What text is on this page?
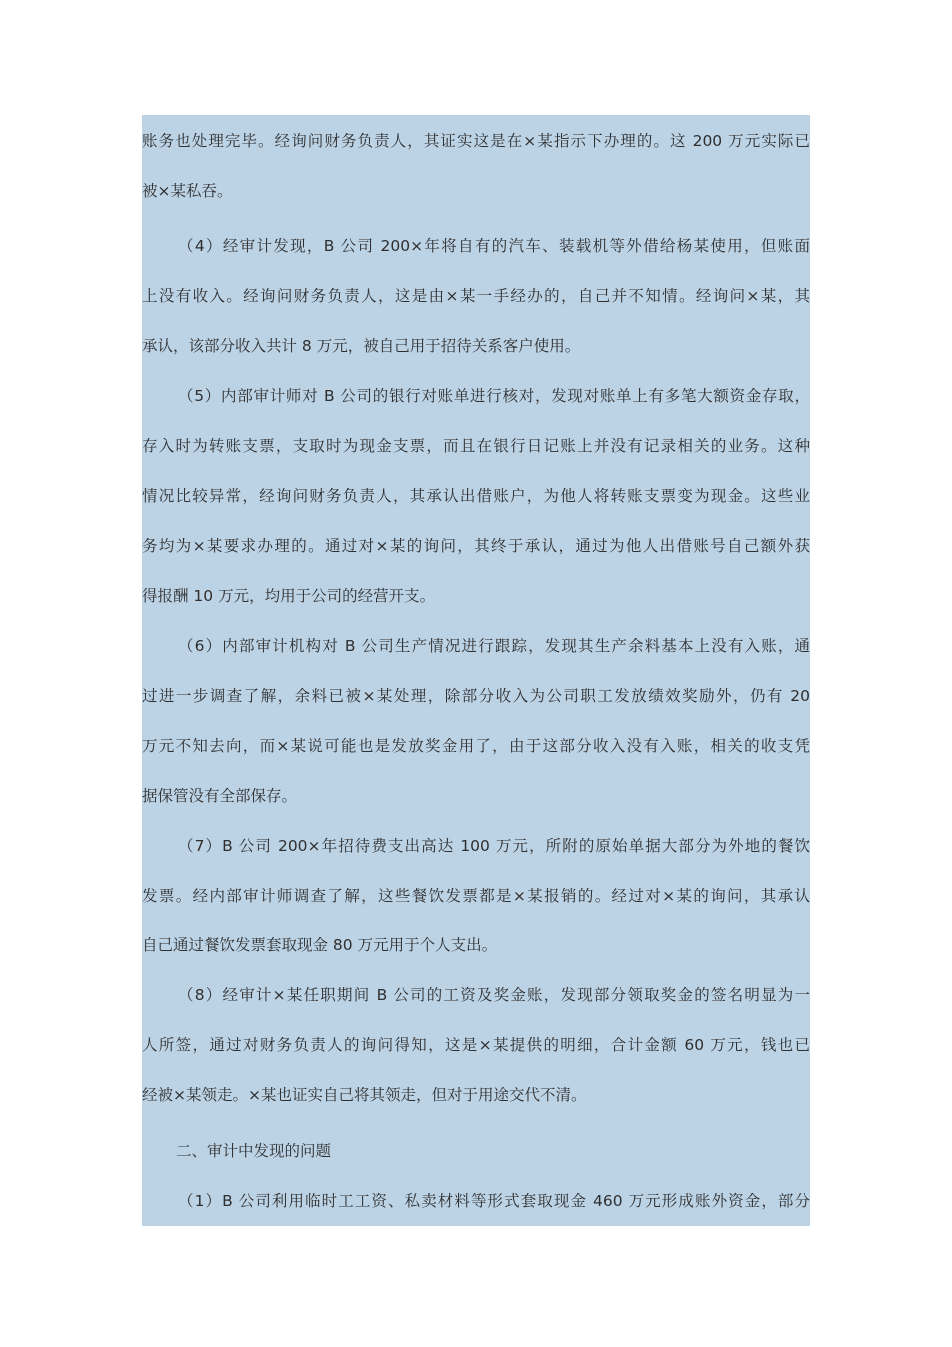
账务也处理完毕。经询问财务负责人，其证实这是在×某指示下办理的。这 200 万元实际已
被×某私吞。
（4）经审计发现，B 公司 200×年将自有的汽车、装载机等外借给杨某使用，但账面
上没有收入。经询问财务负责人，这是由×某一手经办的，自己并不知情。经询问×某，其
承认，该部分收入共计 8 万元，被自己用于招待关系客户使用。
（5）内部审计师对 B 公司的银行对账单进行核对，发现对账单上有多笔大额资金存取，
存入时为转账支票，支取时为现金支票，而且在银行日记账上并没有记录相关的业务。这种
情况比较异常，经询问财务负责人，其承认出借账户，为他人将转账支票变为现金。这些业
务均为×某要求办理的。通过对×某的询问，其终于承认，通过为他人出借账号自己额外获
得报酬 10 万元，均用于公司的经营开支。
（6）内部审计机构对 B 公司生产情况进行跟踪，发现其生产余料基本上没有入账，通
过进一步调查了解，余料已被×某处理，除部分收入为公司职工发放绩效奖励外，仍有 20
万元不知去向，而×某说可能也是发放奖金用了，由于这部分收入没有入账，相关的收支凭
据保管没有全部保存。
（7）B 公司 200×年招待费支出高达 100 万元，所附的原始单据大部分为外地的餐饮
发票。经内部审计师调查了解，这些餐饮发票都是×某报销的。经过对×某的询问，其承认
自己通过餐饮发票套取现金 80 万元用于个人支出。
（8）经审计×某任职期间 B 公司的工资及奖金账，发现部分领取奖金的签名明显为一
人所签，通过对财务负责人的询问得知，这是×某提供的明细，合计金额 60 万元，钱也已
经被×某领走。×某也证实自己将其领走，但对于用途交代不清。
二、审计中发现的问题
（1）B 公司利用临时工工资、私卖材料等形式套取现金 460 万元形成账外资金，部分
